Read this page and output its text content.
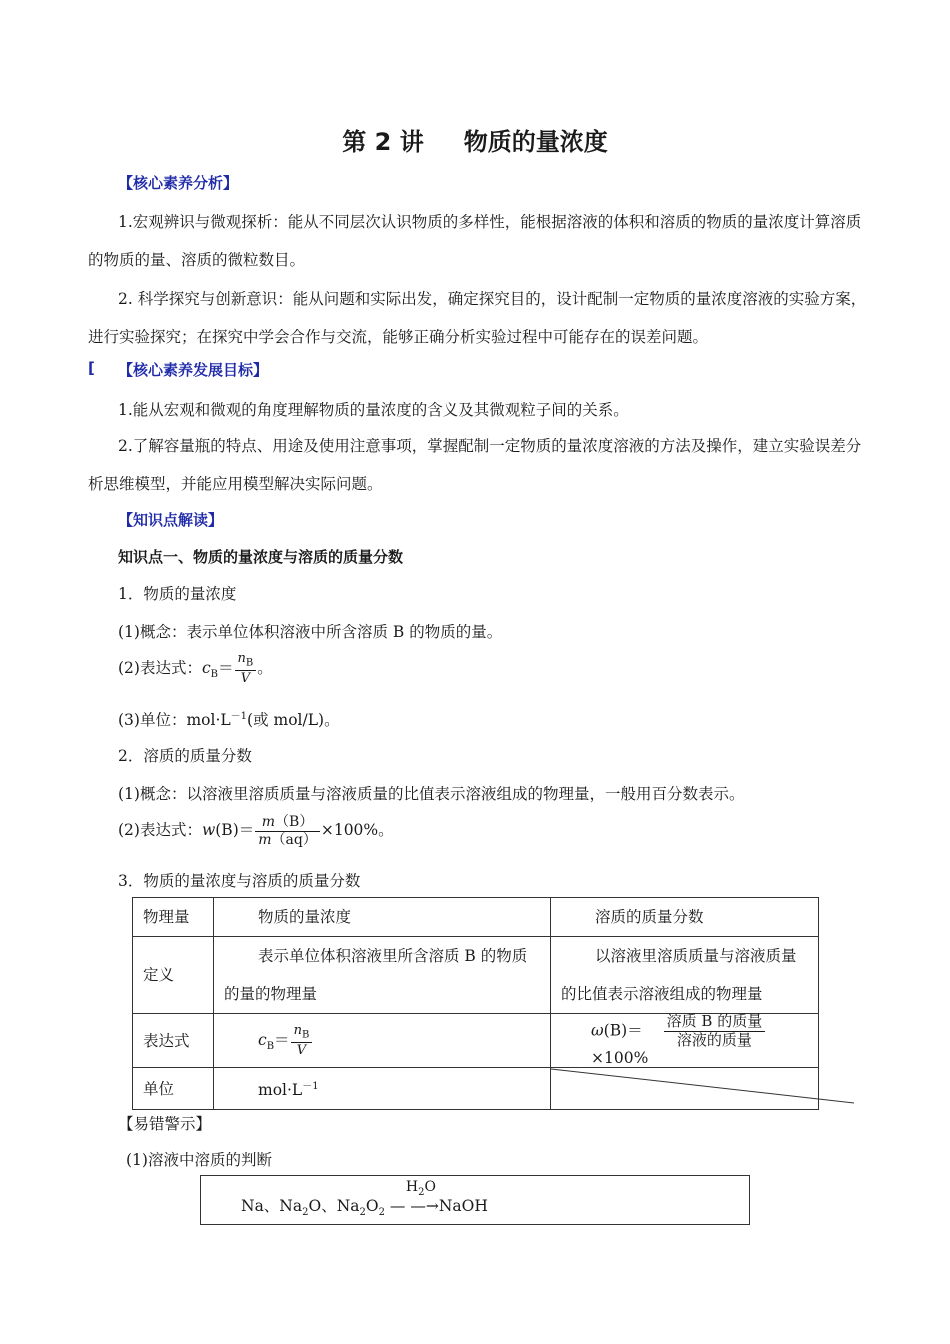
第 2 讲 物质的量浓度
【核心素养分析】
1.宏观辨识与微观探析：能从不同层次认识物质的多样性，能根据溶液的体积和溶质的物质的量浓度计算溶质的物质的量、溶质的微粒数目。
2. 科学探究与创新意识：能从问题和实际出发，确定探究目的，设计配制一定物质的量浓度溶液的实验方案，进行实验探究；在探究中学会合作与交流，能够正确分析实验过程中可能存在的误差问题。
[ 【核心素养发展目标】
1.能从宏观和微观的角度理解物质的量浓度的含义及其微观粒子间的关系。
2.了解容量瓶的特点、用途及使用注意事项，掌握配制一定物质的量浓度溶液的方法及操作，建立实验误差分析思维模型，并能应用模型解决实际问题。
【知识点解读】
知识点一、物质的量浓度与溶质的质量分数
1．物质的量浓度
(1)概念：表示单位体积溶液中所含溶质 B 的物质的量。
(2)表达式：$c_B= \frac{n_B}{V}$ 。
(3)单位：$mol\cdot L^{-1}$(或 mol/L)。
2．溶质的质量分数
(1)概念：以溶液里溶质质量与溶液质量的比值表示溶液组成的物理量，一般用百分数表示。
(2)表达式：$w(B)= \frac{m(B)}{m(aq)} \times 100\%$。
3．物质的量浓度与溶质的质量分数
物理量	物质的量浓度	溶质的质量分数
定义	表示单位体积溶液里所含溶质 B 的物质的量的物理量	以溶液里溶质质量与溶液质量的比值表示溶液组成的物理量
表达式	$c_B= \frac{n_B}{V}$	$\omega(B)= \frac{\text{溶质 B 的质量}}{\text{溶液的质量}}$
×100%
单位	$mol\cdot L^{-1}$	
【易错警示】
(1)溶液中溶质的判断
Na、$Na_2O$、$Na_2O_2$
$H_2O$
— —→NaOH
